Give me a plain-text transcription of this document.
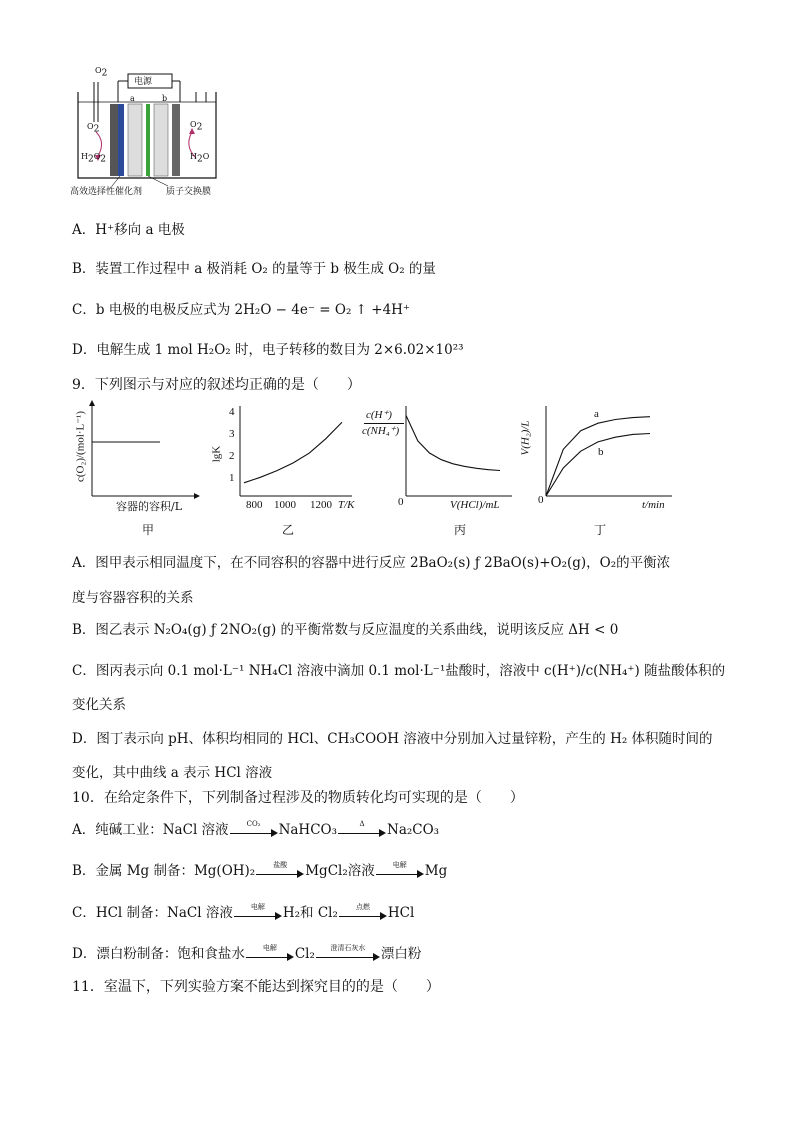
电源
a	b
$O_2$
$O_2$
$H_2O_2$
$O_2$
$H_2O$
高效选择性催化剂	质子交换膜
A．H⁺移向 a 电极
B．装置工作过程中 a 极消耗 O₂ 的量等于 b 极生成 O₂ 的量
C．b 电极的电极反应式为 2H₂O − 4e⁻ = O₂ ↑ +4H⁺
D．电解生成 1 mol H₂O₂ 时，电子转移的数目为 2×6.02×10²³
9．下列图示与对应的叙述均正确的是（　　）
c(O₂)/(mol·L⁻¹)
容器的容积/L
甲
lgK
4
3
2
1
800 1000 1200 T/K
乙
c(H⁺)
c(NH₄⁺)
0	V(HCl)/mL
丙
V(H₂)/L
a
b
0	t/min
丁
A．图甲表示相同温度下，在不同容积的容器中进行反应 2BaO₂(s) ƒ 2BaO(s)+O₂(g)，O₂的平衡浓
度与容器容积的关系
B．图乙表示 N₂O₄(g) ƒ 2NO₂(g) 的平衡常数与反应温度的关系曲线，说明该反应 ΔH < 0
C．图丙表示向 0.1 mol·L⁻¹ NH₄Cl 溶液中滴加 0.1 mol·L⁻¹盐酸时，溶液中 c(H⁺)/c(NH₄⁺) 随盐酸体积的
变化关系
D．图丁表示向 pH、体积均相同的 HCl、CH₃COOH 溶液中分别加入过量锌粉，产生的 H₂ 体积随时间的
变化，其中曲线 a 表示 HCl 溶液
10．在给定条件下，下列制备过程涉及的物质转化均可实现的是（　　）
A．纯碱工业：NaCl 溶液	CO₂	NaHCO₃	Δ	Na₂CO₃
B．金属 Mg 制备：Mg(OH)₂	盐酸	MgCl₂溶液	电解	Mg
C．HCl 制备：NaCl 溶液	电解	H₂和 Cl₂	点燃	HCl
D．漂白粉制备：饱和食盐水	电解	Cl₂	澄清石灰水	漂白粉
11．室温下，下列实验方案不能达到探究目的的是（　　）
